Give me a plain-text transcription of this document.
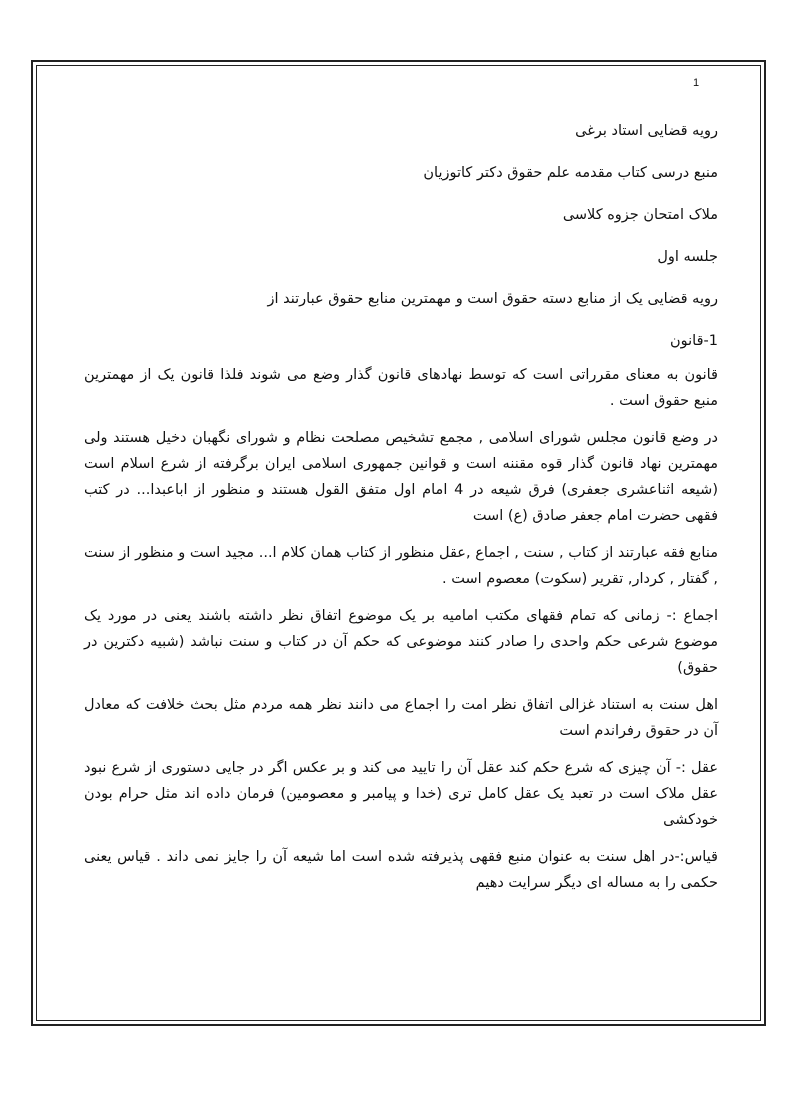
1

رویه قضایی استاد برغی

منبع درسی کتاب مقدمه علم حقوق دکتر کاتوزیان

ملاک امتحان جزوه کلاسی

جلسه اول

رویه قضایی یک از منابع دسته حقوق است و مهمترین منابع حقوق عبارتند از

1-قانون

قانون به معنای مقرراتی است که توسط نهادهای قانون گذار وضع می شوند فلذا قانون یک از مهمترین منبع حقوق است .

در وضع قانون مجلس شورای اسلامی , مجمع تشخیص مصلحت نظام و شورای نگهبان دخیل هستند ولی مهمترین نهاد قانون گذار قوه مقننه است و قوانین جمهوری اسلامی ایران برگرفته از شرع اسلام است (شیعه اثناعشری جعفری) فرق شیعه در 4 امام اول متفق القول هستند و منظور از اباعبدا... در کتب فقهی حضرت امام جعفر صادق (ع) است

منابع فقه عبارتند از کتاب , سنت , اجماع ,عقل منظور از کتاب همان کلام ا... مجید است و منظور از سنت , گفتار , کردار, تقریر (سکوت) معصوم است .

اجماع :- زمانی که تمام فقهای مکتب امامیه بر یک موضوع اتفاق نظر داشته باشند یعنی در مورد یک موضوع شرعی حکم واحدی را صادر کنند موضوعی که حکم آن در کتاب و سنت نباشد (شبیه دکترین در حقوق)

اهل سنت به استناد غزالی اتفاق نظر امت را اجماع می دانند نظر همه مردم مثل بحث خلافت که معادل آن در حقوق رفراندم است

عقل :- آن چیزی که شرع حکم کند عقل آن را تایید می کند و بر عکس اگر در جایی دستوری از شرع نبود عقل ملاک است در تعبد یک عقل کامل تری (خدا و پیامبر و معصومین) فرمان داده اند مثل حرام بودن خودکشی

قیاس:-در اهل سنت به عنوان منبع فقهی پذیرفته شده است اما شیعه آن را جایز نمی داند . قیاس یعنی حکمی را به مساله ای دیگر سرایت دهیم
